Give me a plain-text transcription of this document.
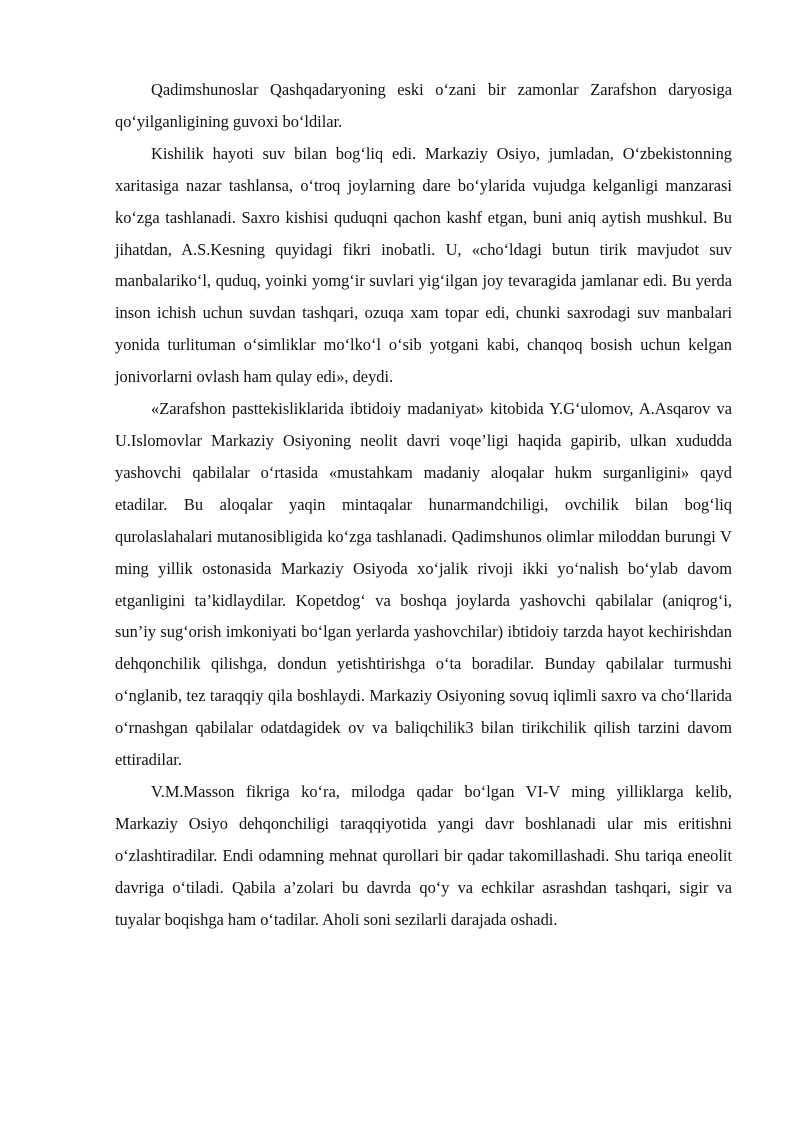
Qadimshunoslar Qashqadaryoning eski o‘zani bir zamonlar Zarafshon daryosiga qo‘yilganligining guvoxi bo‘ldilar.

Kishilik hayoti suv bilan bog‘liq edi. Markaziy Osiyo, jumladan, O‘zbekistonning xaritasiga nazar tashlansa, o‘troq joylarning dare bo‘ylarida vujudga kelganligi manzarasi ko‘zga tashlanadi. Saxro kishisi quduqni qachon kashf etgan, buni aniq aytish mushkul. Bu jihatdan, A.S.Kesning quyidagi fikri inobatli. U, «cho‘ldagi butun tirik mavjudot suv manbalariko‘l, quduq, yoinki yomg‘ir suvlari yig‘ilgan joy tevaragida jamlanar edi. Bu yerda inson ichish uchun suvdan tashqari, ozuqa xam topar edi, chunki saxrodagi suv manbalari yonida turlituman o‘simliklar mo‘lko‘l o‘sib yotgani kabi, chanqoq bosish uchun kelgan jonivorlarni ovlash ham qulay edi», deydi.

«Zarafshon pasttekisliklarida ibtidoiy madaniyat» kitobida Y.G‘ulomov, A.Asqarov va U.Islomovlar Markaziy Osiyoning neolit davri voqe’ligi haqida gapirib, ulkan xududda yashovchi qabilalar o‘rtasida «mustahkam madaniy aloqalar hukm surganligini» qayd etadilar. Bu aloqalar yaqin mintaqalar hunarmandchiligi, ovchilik bilan bog‘liq qurolaslahalari mutanosibligida ko‘zga tashlanadi. Qadimshunos olimlar miloddan burungi V ming yillik ostonasida Markaziy Osiyoda xo‘jalik rivoji ikki yo‘nalish bo‘ylab davom etganligini ta’kidlaydilar. Kopetdog‘ va boshqa joylarda yashovchi qabilalar (aniqrog‘i, sun’iy sug‘orish imkoniyati bo‘lgan yerlarda yashovchilar) ibtidoiy tarzda hayot kechirishdan dehqonchilik qilishga, dondun yetishtirishga o‘ta boradilar. Bunday qabilalar turmushi o‘nglanib, tez taraqqiy qila boshlaydi. Markaziy Osiyoning sovuq iqlimli saxro va cho‘llarida o‘rnashgan qabilalar odatdagidek ov va baliqchilik3 bilan tirikchilik qilish tarzini davom ettiradilar.

V.M.Masson fikriga ko‘ra, milodga qadar bo‘lgan VI-V ming yilliklarga kelib, Markaziy Osiyo dehqonchiligi taraqqiyotida yangi davr boshlanadi ular mis eritishni o‘zlashtiradilar. Endi odamning mehnat qurollari bir qadar takomillashadi. Shu tariqa eneolit davriga o‘tiladi. Qabila a’zolari bu davrda qo‘y va echkilar asrashdan tashqari, sigir va tuyalar boqishga ham o‘tadilar. Aholi soni sezilarli darajada oshadi.
